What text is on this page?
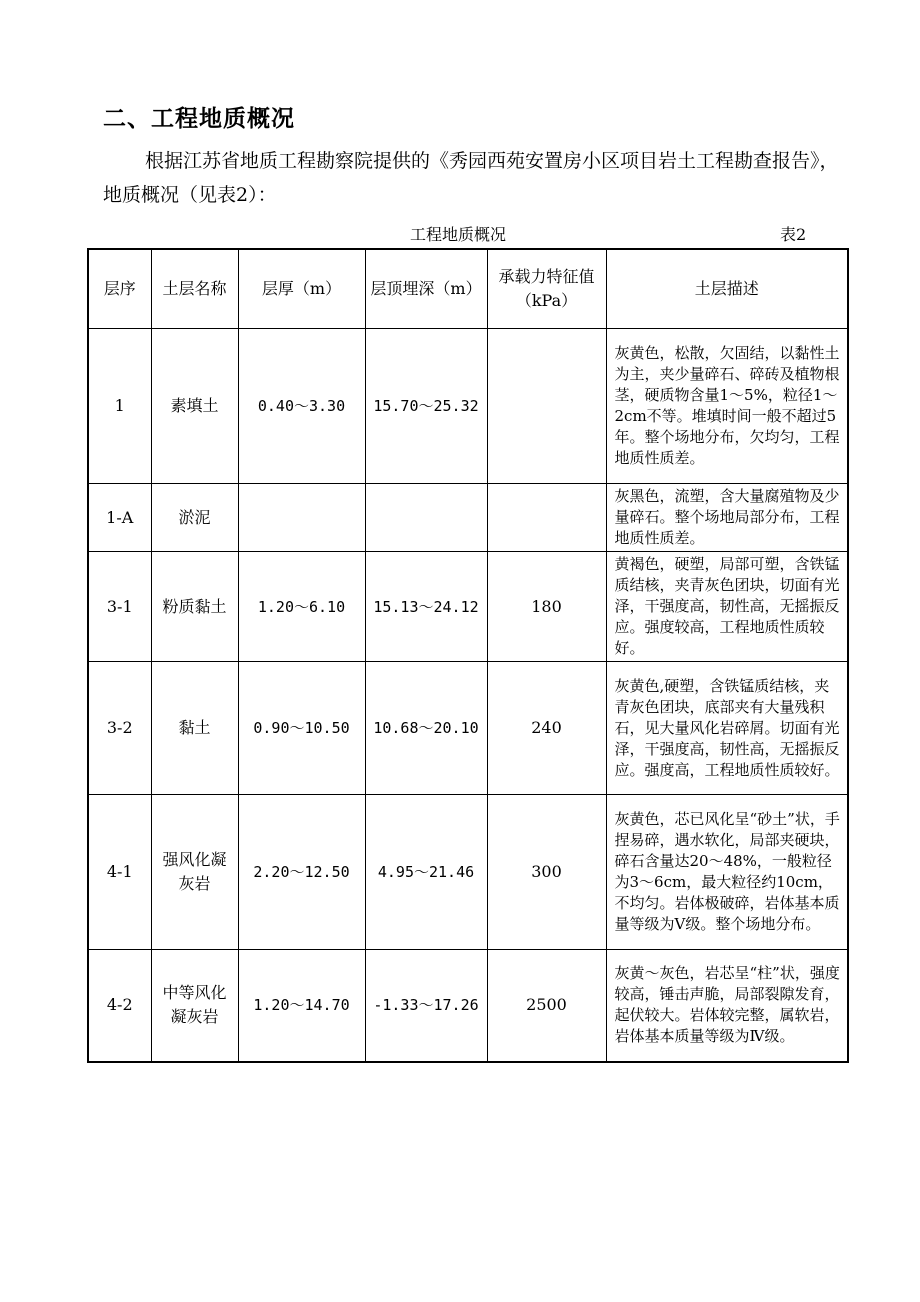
二、工程地质概况
根据江苏省地质工程勘察院提供的《秀园西苑安置房小区项目岩土工程勘查报告》，地质概况（见表2）：
工程地质概况	表2
层序	土层名称	层厚（m）	层顶埋深（m）	承载力特征值（kPa）	土层描述
1	素填土	0.40～3.30	15.70～25.32		灰黄色，松散，欠固结，以黏性土为主，夹少量碎石、碎砖及植物根茎，硬质物含量1～5%，粒径1～2cm不等。堆填时间一般不超过5年。整个场地分布，欠均匀，工程地质性质差。
1-A	淤泥				灰黑色，流塑，含大量腐殖物及少量碎石。整个场地局部分布，工程地质性质差。
3-1	粉质黏土	1.20～6.10	15.13～24.12	180	黄褐色，硬塑，局部可塑，含铁锰质结核，夹青灰色团块，切面有光泽，干强度高，韧性高，无摇振反应。强度较高，工程地质性质较好。
3-2	黏土	0.90～10.50	10.68～20.10	240	灰黄色,硬塑，含铁锰质结核，夹青灰色团块，底部夹有大量残积石，见大量风化岩碎屑。切面有光泽，干强度高，韧性高，无摇振反应。强度高，工程地质性质较好。
4-1	强风化凝灰岩	2.20～12.50	4.95～21.46	300	灰黄色，芯已风化呈“砂土”状，手捏易碎，遇水软化，局部夹硬块，碎石含量达20～48%，一般粒径为3～6cm，最大粒径约10cm，不均匀。岩体极破碎，岩体基本质量等级为Ⅴ级。整个场地分布。
4-2	中等风化凝灰岩	1.20～14.70	-1.33～17.26	2500	灰黄～灰色，岩芯呈“柱”状，强度较高，锤击声脆，局部裂隙发育，起伏较大。岩体较完整，属软岩，岩体基本质量等级为Ⅳ级。
